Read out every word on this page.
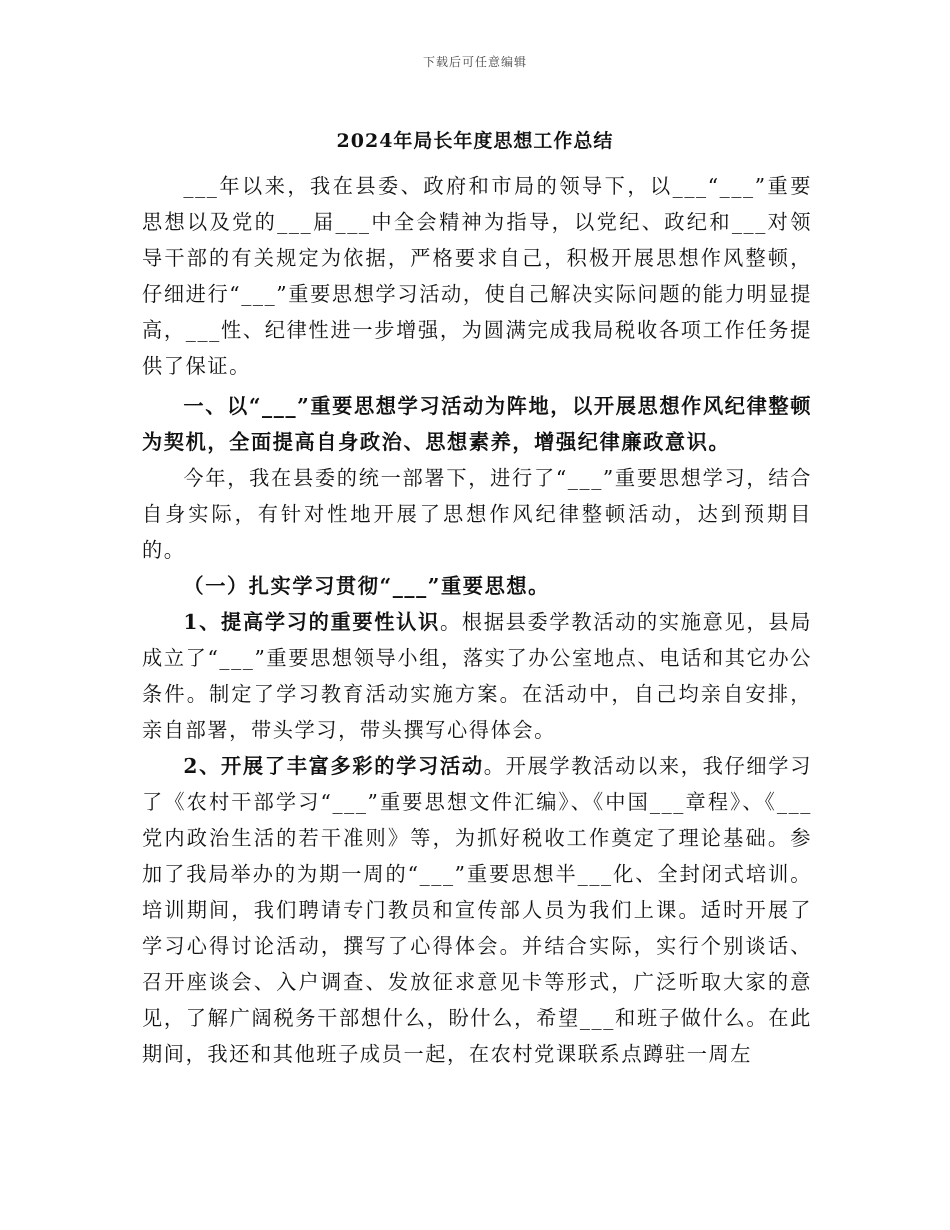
下载后可任意编辑
2024年局长年度思想工作总结

___年以来，我在县委、政府和市局的领导下，以___“___”重要思想以及党的___届___中全会精神为指导，以党纪、政纪和___对领导干部的有关规定为依据，严格要求自己，积极开展思想作风整顿，仔细进行“___”重要思想学习活动，使自己解决实际问题的能力明显提高，___性、纪律性进一步增强，为圆满完成我局税收各项工作任务提供了保证。

一、以“___”重要思想学习活动为阵地，以开展思想作风纪律整顿为契机，全面提高自身政治、思想素养，增强纪律廉政意识。

今年，我在县委的统一部署下，进行了“___”重要思想学习，结合自身实际，有针对性地开展了思想作风纪律整顿活动，达到预期目的。

（一）扎实学习贯彻“___”重要思想。

1、提高学习的重要性认识。根据县委学教活动的实施意见，县局成立了“___”重要思想领导小组，落实了办公室地点、电话和其它办公条件。制定了学习教育活动实施方案。在活动中，自己均亲自安排，亲自部署，带头学习，带头撰写心得体会。

2、开展了丰富多彩的学习活动。开展学教活动以来，我仔细学习了《农村干部学习“___”重要思想文件汇编》、《中国___章程》、《___党内政治生活的若干准则》等，为抓好税收工作奠定了理论基础。参加了我局举办的为期一周的“___”重要思想半___化、全封闭式培训。培训期间，我们聘请专门教员和宣传部人员为我们上课。适时开展了学习心得讨论活动，撰写了心得体会。并结合实际，实行个别谈话、召开座谈会、入户调查、发放征求意见卡等形式，广泛听取大家的意见，了解广阔税务干部想什么，盼什么，希望___和班子做什么。在此期间，我还和其他班子成员一起，在农村党课联系点蹲驻一周左
